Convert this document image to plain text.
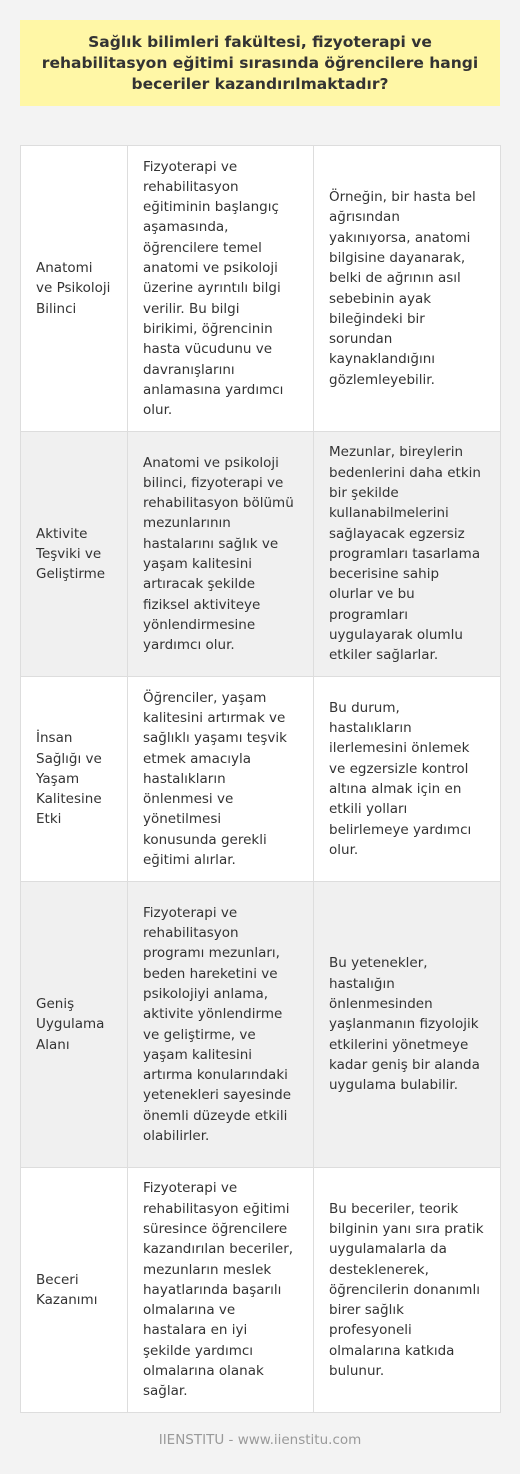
Sağlık bilimleri fakültesi, fizyoterapi ve rehabilitasyon eğitimi sırasında öğrencilere hangi beceriler kazandırılmaktadır?
Anatomi ve Psikoloji Bilinci	Fizyoterapi ve rehabilitasyon eğitiminin başlangıç aşamasında, öğrencilere temel anatomi ve psikoloji üzerine ayrıntılı bilgi verilir. Bu bilgi birikimi, öğrencinin hasta vücudunu ve davranışlarını anlamasına yardımcı olur.	Örneğin, bir hasta bel ağrısından yakınıyorsa, anatomi bilgisine dayanarak, belki de ağrının asıl sebebinin ayak bileğindeki bir sorundan kaynaklandığını gözlemleyebilir.
Aktivite Teşviki ve Geliştirme	Anatomi ve psikoloji bilinci, fizyoterapi ve rehabilitasyon bölümü mezunlarının hastalarını sağlık ve yaşam kalitesini artıracak şekilde fiziksel aktiviteye yönlendirmesine yardımcı olur.	Mezunlar, bireylerin bedenlerini daha etkin bir şekilde kullanabilmelerini sağlayacak egzersiz programları tasarlama becerisine sahip olurlar ve bu programları uygulayarak olumlu etkiler sağlarlar.
İnsan Sağlığı ve Yaşam Kalitesine Etki	Öğrenciler, yaşam kalitesini artırmak ve sağlıklı yaşamı teşvik etmek amacıyla hastalıkların önlenmesi ve yönetilmesi konusunda gerekli eğitimi alırlar.	Bu durum, hastalıkların ilerlemesini önlemek ve egzersizle kontrol altına almak için en etkili yolları belirlemeye yardımcı olur.
Geniş Uygulama Alanı	Fizyoterapi ve rehabilitasyon programı mezunları, beden hareketini ve psikolojiyi anlama, aktivite yönlendirme ve geliştirme, ve yaşam kalitesini artırma konularındaki yetenekleri sayesinde önemli düzeyde etkili olabilirler.	Bu yetenekler, hastalığın önlenmesinden yaşlanmanın fizyolojik etkilerini yönetmeye kadar geniş bir alanda uygulama bulabilir.
Beceri Kazanımı	Fizyoterapi ve rehabilitasyon eğitimi süresince öğrencilere kazandırılan beceriler, mezunların meslek hayatlarında başarılı olmalarına ve hastalara en iyi şekilde yardımcı olmalarına olanak sağlar.	Bu beceriler, teorik bilginin yanı sıra pratik uygulamalarla da desteklenerek, öğrencilerin donanımlı birer sağlık profesyoneli olmalarına katkıda bulunur.
IIENSTITU - www.iienstitu.com
